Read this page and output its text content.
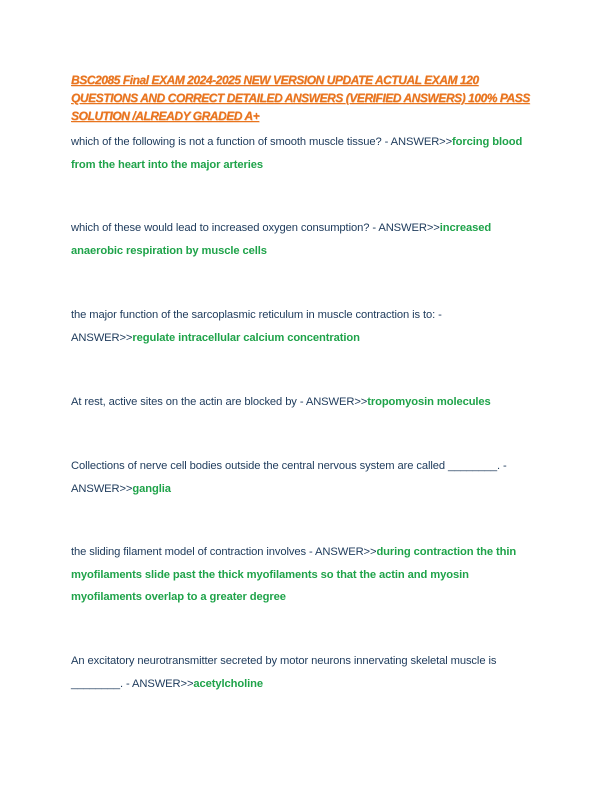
BSC2085 Final EXAM 2024-2025 NEW VERSION UPDATE ACTUAL EXAM 120 QUESTIONS AND CORRECT DETAILED ANSWERS (VERIFIED ANSWERS) 100% PASS SOLUTION /ALREADY GRADED A+

which of the following is not a function of smooth muscle tissue? - ANSWER>>forcing blood from the heart into the major arteries

which of these would lead to increased oxygen consumption? - ANSWER>>increased anaerobic respiration by muscle cells

the major function of the sarcoplasmic reticulum in muscle contraction is to: - ANSWER>>regulate intracellular calcium concentration

At rest, active sites on the actin are blocked by - ANSWER>>tropomyosin molecules

Collections of nerve cell bodies outside the central nervous system are called ________. - ANSWER>>ganglia

the sliding filament model of contraction involves - ANSWER>>during contraction the thin myofilaments slide past the thick myofilaments so that the actin and myosin myofilaments overlap to a greater degree

An excitatory neurotransmitter secreted by motor neurons innervating skeletal muscle is ________. - ANSWER>>acetylcholine
